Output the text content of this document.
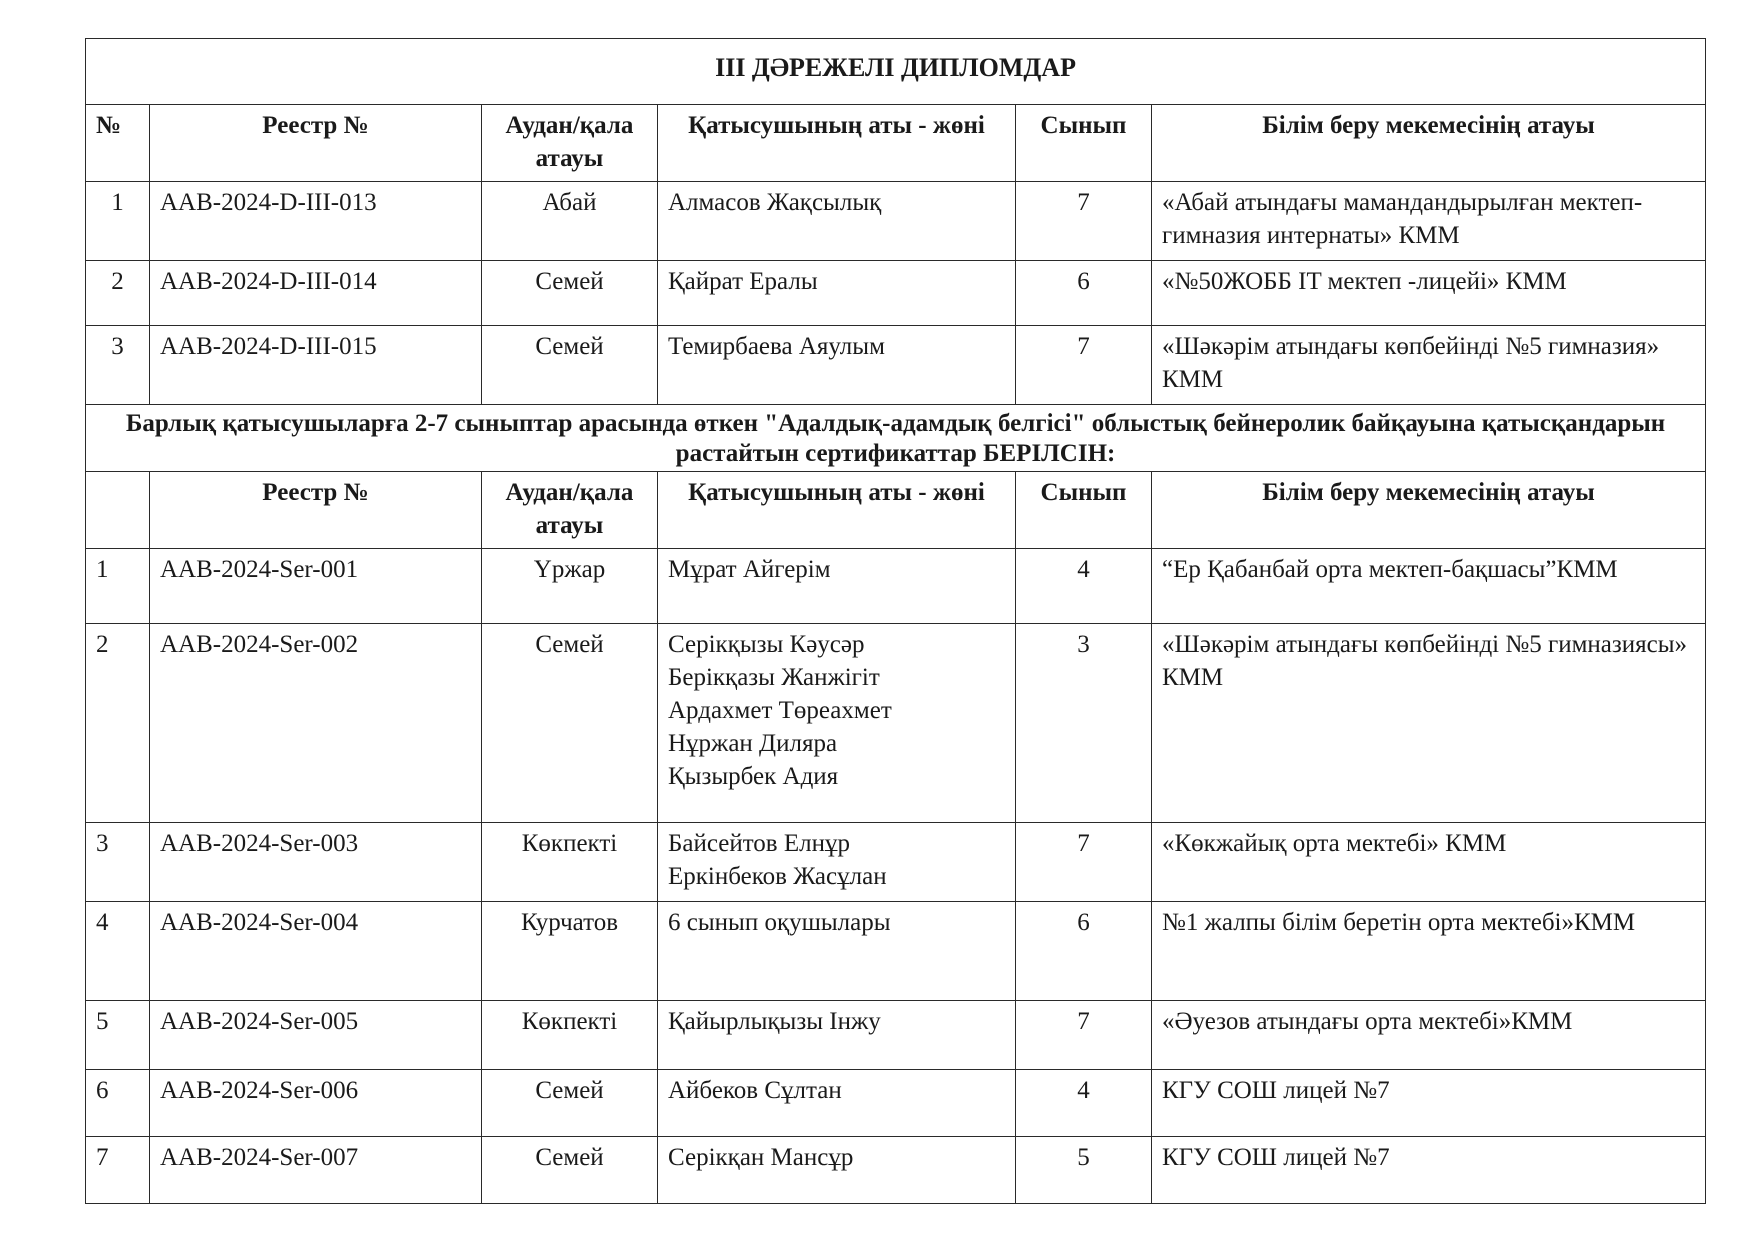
III ДӘРЕЖЕЛІ ДИПЛОМДАР					
№	Реестр №	Аудан/қала атауы	Қатысушының аты - жөні	Сынып	Білім беру мекемесінің атауы
1	AAB-2024-D-III-013	Абай	Алмасов Жақсылық	7	«Абай атындағы мамандандырылған мектеп-гимназия интернаты» КММ
2	AAB-2024-D-III-014	Семей	Қайрат Ералы	6	«№50ЖОББ IT мектеп -лицейі» КММ
3	AAB-2024-D-III-015	Семей	Темирбаева Аяулым	7	«Шәкәрім атындағы көпбейінді №5 гимназия» КММ
Барлық қатысушыларға 2-7 сыныптар арасында өткен "Адалдық-адамдық белгісі" облыстық бейнеролик байқауына қатысқандарын растайтын сертификаттар БЕРІЛСІН:					
	Реестр №	Аудан/қала атауы	Қатысушының аты - жөні	Сынып	Білім беру мекемесінің атауы
1	AAB-2024-Ser-001	Үржар	Мұрат Айгерім	4	“Ер Қабанбай орта мектеп-бақшасы”КММ
2	AAB-2024-Ser-002	Семей	Серікқызы Кәусәр
Берікқазы Жанжігіт
Ардахмет Төреахмет
Нұржан Диляра
Қызырбек Адия	3	«Шәкәрім атындағы көпбейінді №5 гимназиясы» КММ
3	AAB-2024-Ser-003	Көкпекті	Байсейтов Елнұр
Еркінбеков Жасұлан	7	«Көкжайық орта мектебі» КММ
4	AAB-2024-Ser-004	Курчатов	6 сынып оқушылары	6	№1 жалпы білім беретін орта мектебі»КММ
5	AAB-2024-Ser-005	Көкпекті	Қайырлықызы Інжу	7	«Әуезов атындағы орта мектебі»КММ
6	AAB-2024-Ser-006	Семей	Айбеков Сұлтан	4	КГУ СОШ лицей №7
7	AAB-2024-Ser-007	Семей	Серікқан Мансұр	5	КГУ СОШ лицей №7
